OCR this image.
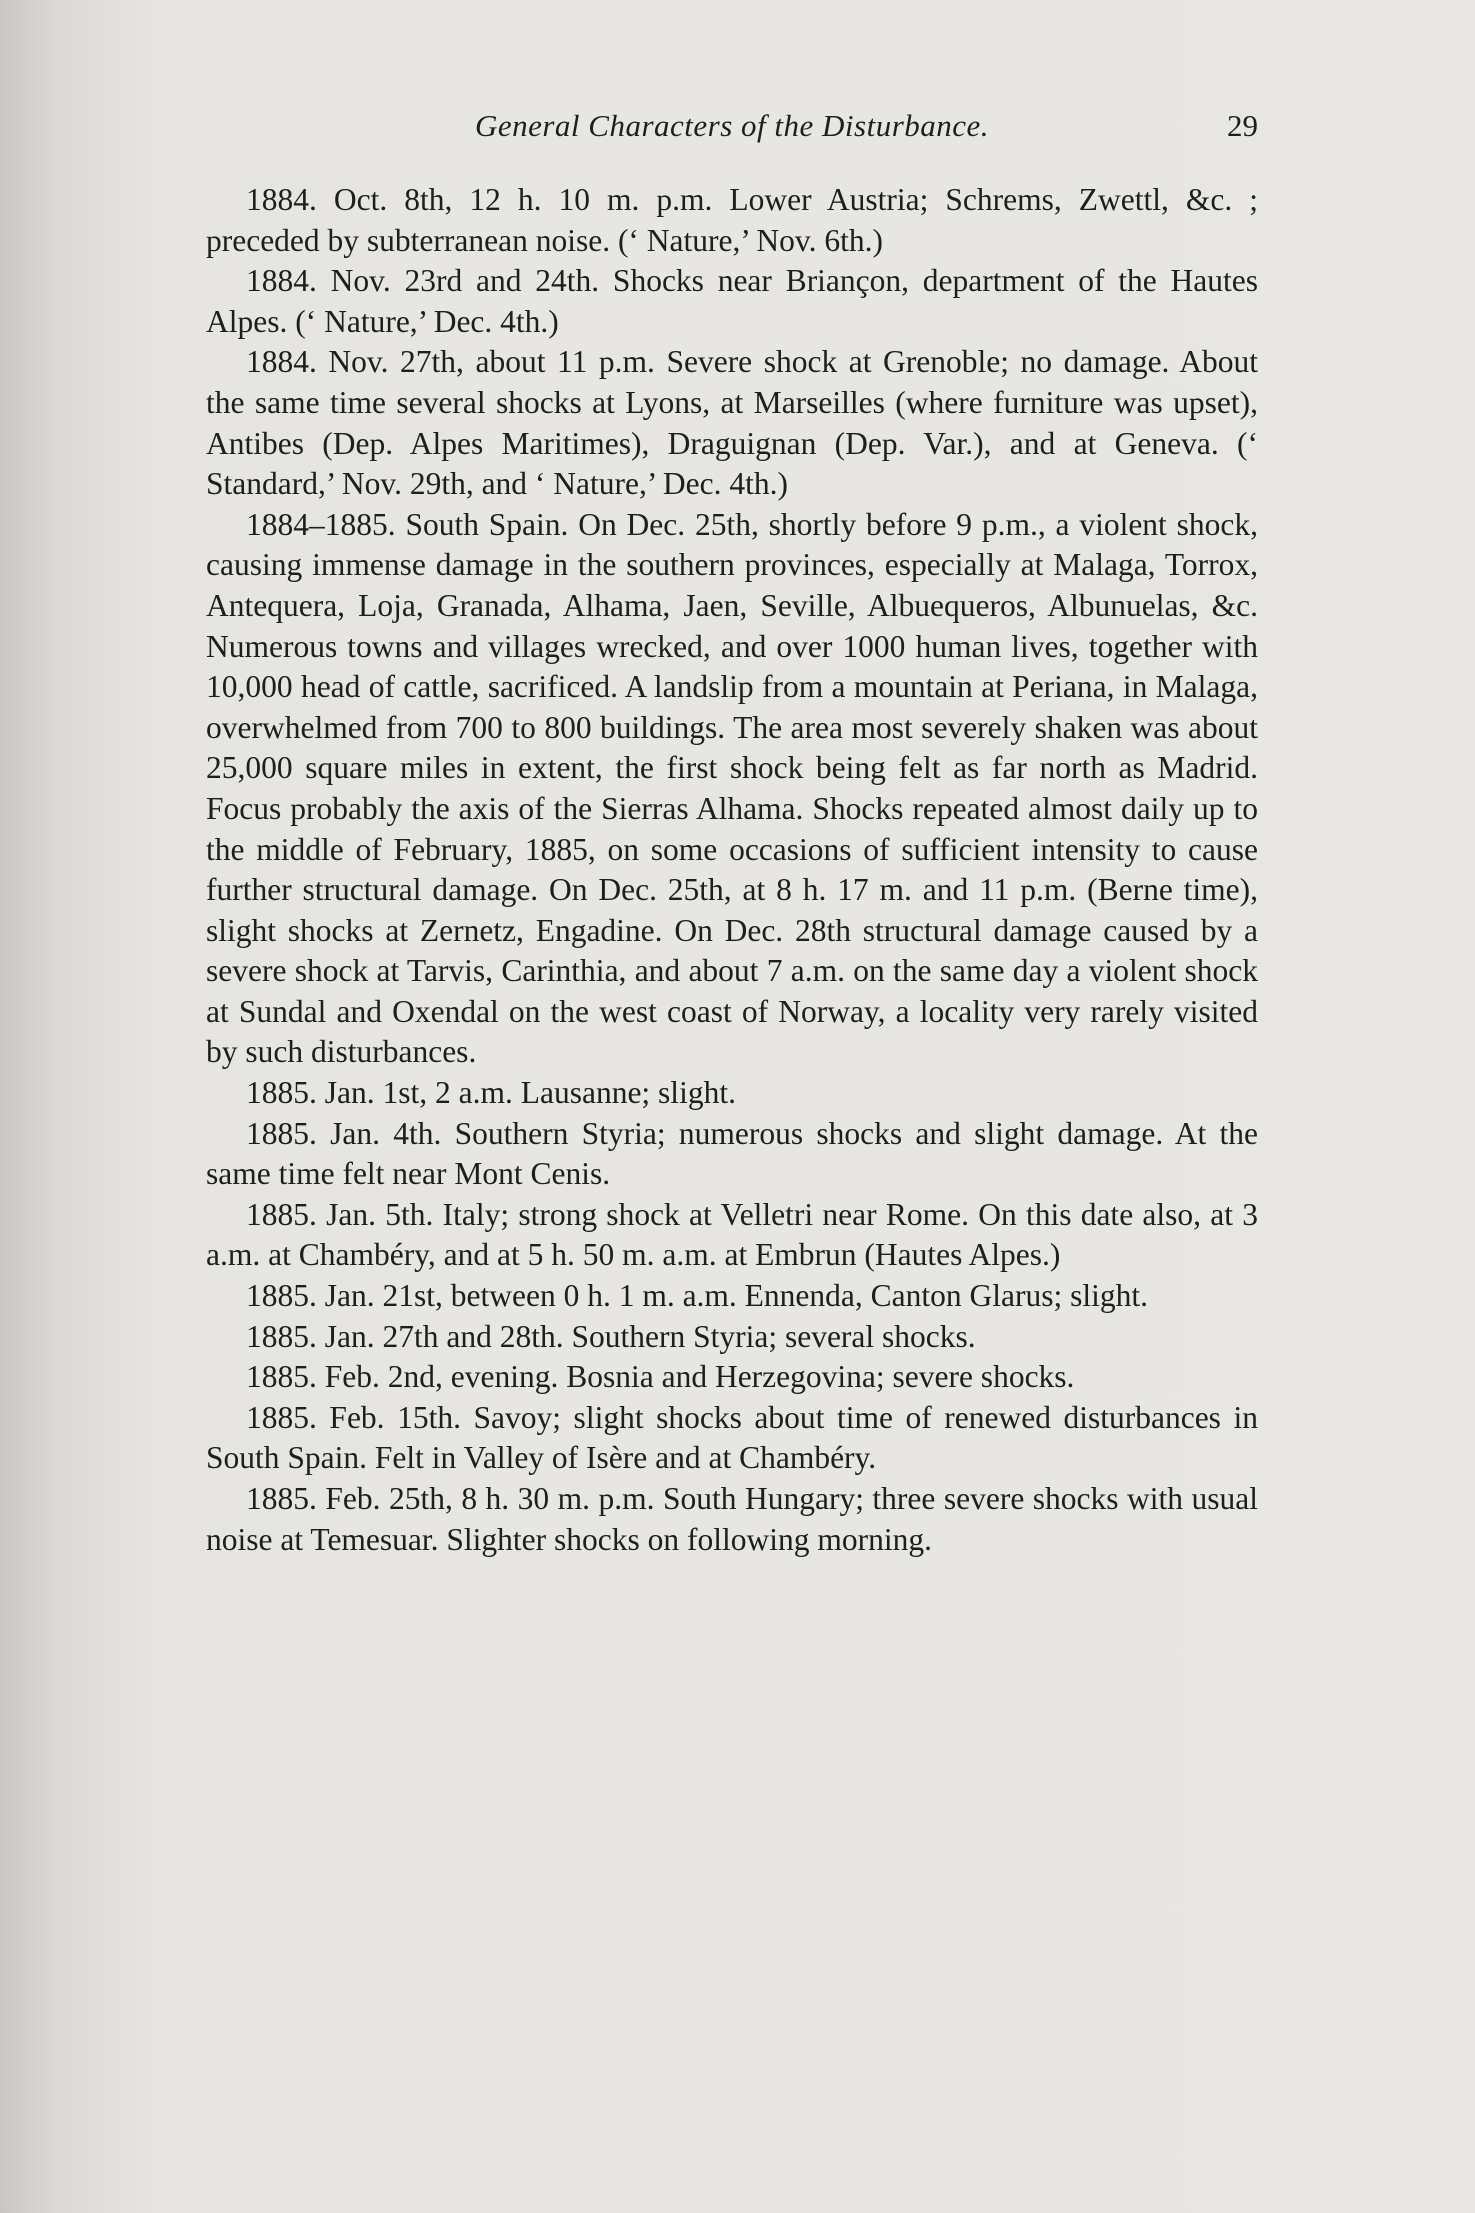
General Characters of the Disturbance.	29

1884. Oct. 8th, 12 h. 10 m. p.m. Lower Austria; Schrems, Zwettl, &c. ; preceded by subterranean noise. (‘ Nature,’ Nov. 6th.)

1884. Nov. 23rd and 24th. Shocks near Briançon, department of the Hautes Alpes. (‘ Nature,’ Dec. 4th.)

1884. Nov. 27th, about 11 p.m. Severe shock at Grenoble; no damage. About the same time several shocks at Lyons, at Marseilles (where furniture was upset), Antibes (Dep. Alpes Maritimes), Draguignan (Dep. Var.), and at Geneva. (‘ Standard,’ Nov. 29th, and ‘ Nature,’ Dec. 4th.)

1884–1885. South Spain. On Dec. 25th, shortly before 9 p.m., a violent shock, causing immense damage in the southern provinces, especially at Malaga, Torrox, Antequera, Loja, Granada, Alhama, Jaen, Seville, Albuequeros, Albunuelas, &c. Numerous towns and villages wrecked, and over 1000 human lives, together with 10,000 head of cattle, sacrificed. A landslip from a mountain at Periana, in Malaga, overwhelmed from 700 to 800 buildings. The area most severely shaken was about 25,000 square miles in extent, the first shock being felt as far north as Madrid. Focus probably the axis of the Sierras Alhama. Shocks repeated almost daily up to the middle of February, 1885, on some occasions of sufficient intensity to cause further structural damage. On Dec. 25th, at 8 h. 17 m. and 11 p.m. (Berne time), slight shocks at Zernetz, Engadine. On Dec. 28th structural damage caused by a severe shock at Tarvis, Carinthia, and about 7 a.m. on the same day a violent shock at Sundal and Oxendal on the west coast of Norway, a locality very rarely visited by such disturbances.

1885. Jan. 1st, 2 a.m. Lausanne; slight.

1885. Jan. 4th. Southern Styria; numerous shocks and slight damage. At the same time felt near Mont Cenis.

1885. Jan. 5th. Italy; strong shock at Velletri near Rome. On this date also, at 3 a.m. at Chambéry, and at 5 h. 50 m. a.m. at Embrun (Hautes Alpes.)

1885. Jan. 21st, between 0 h. 1 m. a.m. Ennenda, Canton Glarus; slight.

1885. Jan. 27th and 28th. Southern Styria; several shocks.

1885. Feb. 2nd, evening. Bosnia and Herzegovina; severe shocks.

1885. Feb. 15th. Savoy; slight shocks about time of renewed disturbances in South Spain. Felt in Valley of Isère and at Chambéry.

1885. Feb. 25th, 8 h. 30 m. p.m. South Hungary; three severe shocks with usual noise at Temesuar. Slighter shocks on following morning.
